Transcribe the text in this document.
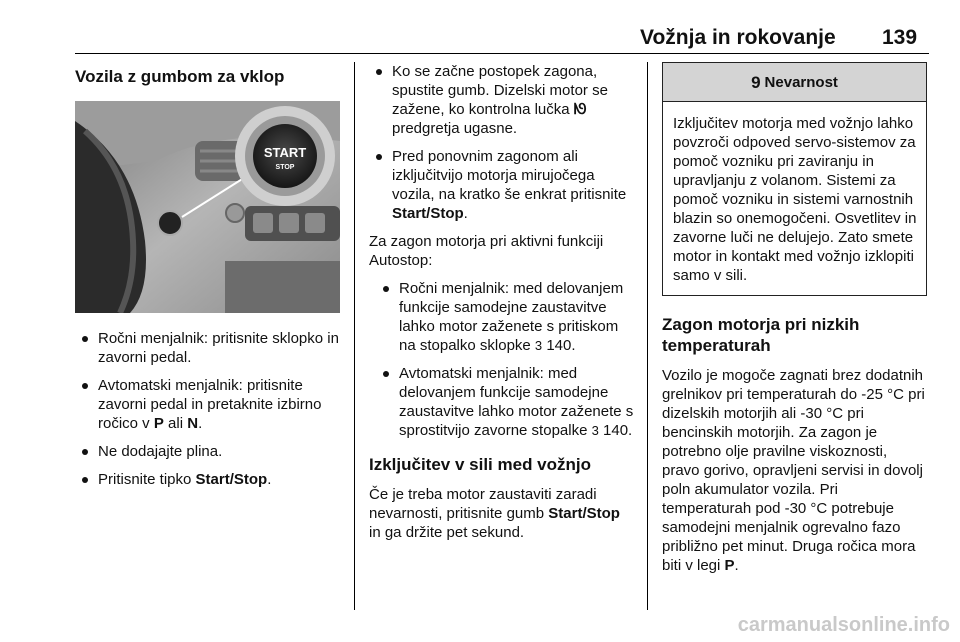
Vožnja in rokovanje 139
Vozila z gumbom za vklop
START
STOP
Ročni menjalnik: pritisnite sklopko in zavorni pedal.
Avtomatski menjalnik: pritisnite zavorni pedal in pretaknite izbirno ročico v P ali N.
Ne dodajajte plina.
Pritisnite tipko Start/Stop.
Ko se začne postopek zagona, spustite gumb. Dizelski motor se zažene, ko kontrolna lučka ᘚ predgretja ugasne.
Pred ponovnim zagonom ali izključitvijo motorja mirujočega vozila, na kratko še enkrat pritisnite Start/Stop.

Za zagon motorja pri aktivni funkciji Autostop:

Ročni menjalnik: med delovanjem funkcije samodejne zaustavitve lahko motor zaženete s pritiskom na stopalko sklopke 3 140.
Avtomatski menjalnik: med delovanjem funkcije samodejne zaustavitve lahko motor zaženete s sprostitvijo zavorne stopalke 3 140.
Izključitev v sili med vožnjo

Če je treba motor zaustaviti zaradi nevarnosti, pritisnite gumb Start/Stop in ga držite pet sekund.

9 Nevarnost
Izključitev motorja med vožnjo lahko povzroči odpoved servo-sistemov za pomoč vozniku pri zaviranju in upravljanju z volanom. Sistemi za pomoč vozniku in sistemi varnostnih blazin so onemogočeni. Osvetlitev in zavorne luči ne delujejo. Zato smete motor in kontakt med vožnjo izklopiti samo v sili.
Zagon motorja pri nizkih temperaturah

Vozilo je mogoče zagnati brez dodatnih grelnikov pri temperaturah do -25 °C pri dizelskih motorjih ali -30 °C pri bencinskih motorjih. Za zagon je potrebno olje pravilne viskoznosti, pravo gorivo, opravljeni servisi in dovolj poln akumulator vozila. Pri temperaturah pod -30 °C potrebuje samodejni menjalnik ogrevalno fazo približno pet minut. Druga ročica mora biti v legi P.

carmanualsonline.info
